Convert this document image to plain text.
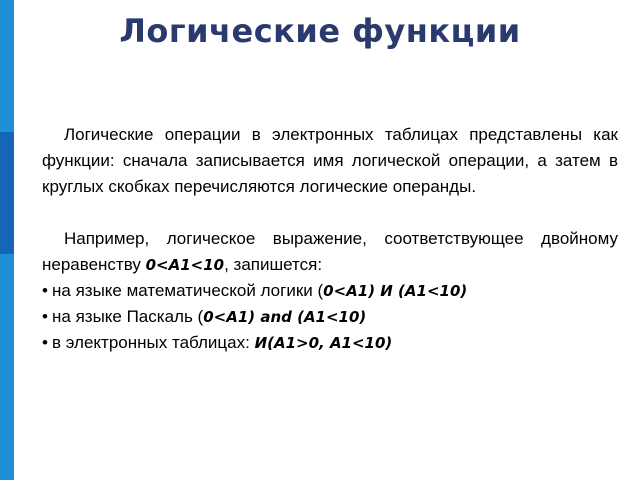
Логические функции

Логические операции в электронных таблицах представлены как функции: сначала записывается имя логической операции, а затем в круглых скобках перечисляются логические операнды.

Например, логическое выражение, соответствующее двойному неравенству 0<A1<10, запишется:

• на языке математической логики (0<A1) И (A1<10)
• на языке Паскаль (0<A1) and (A1<10)
• в электронных таблицах: И(A1>0, A1<10)
